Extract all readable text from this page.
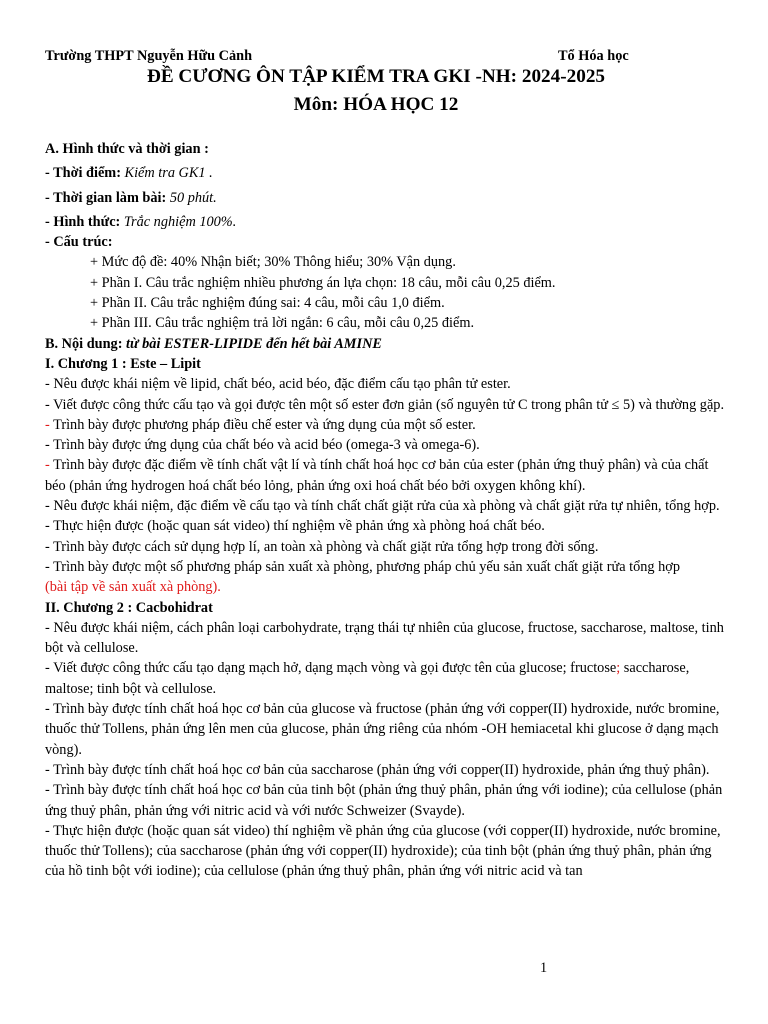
Trường THPT Nguyễn Hữu Cảnh	Tổ Hóa học
ĐỀ CƯƠNG ÔN TẬP KIỂM TRA GKI -NH: 2024-2025
Môn: HÓA HỌC 12

A. Hình thức và thời gian :

- Thời điểm: Kiểm tra GK1 .

- Thời gian làm bài: 50 phút.

- Hình thức: Trắc nghiệm 100%.

- Cấu trúc:

+ Mức độ đề: 40% Nhận biết; 30% Thông hiểu; 30% Vận dụng.

+ Phần I. Câu trắc nghiệm nhiều phương án lựa chọn: 18 câu, mỗi câu 0,25 điểm.

+ Phần II. Câu trắc nghiệm đúng sai: 4 câu, mỗi câu 1,0 điểm.

+ Phần III. Câu trắc nghiệm trả lời ngắn: 6 câu, mỗi câu 0,25 điểm.

B. Nội dung: từ bài ESTER-LIPIDE đến hết bài AMINE

I. Chương 1 : Este – Lipit

- Nêu được khái niệm về lipid, chất béo, acid béo, đặc điểm cấu tạo phân tử ester.

- Viết được công thức cấu tạo và gọi được tên một số ester đơn giản (số nguyên tử C trong phân tử ≤ 5) và thường gặp.

- Trình bày được phương pháp điều chế ester và ứng dụng của một số ester.

- Trình bày được ứng dụng của chất béo và acid béo (omega-3 và omega-6).

- Trình bày được đặc điểm về tính chất vật lí và tính chất hoá học cơ bản của ester (phản ứng thuỷ phân) và của chất béo (phản ứng hydrogen hoá chất béo lỏng, phản ứng oxi hoá chất béo bởi oxygen không khí).

- Nêu được khái niệm, đặc điểm về cấu tạo và tính chất chất giặt rửa của xà phòng và chất giặt rửa tự nhiên, tổng hợp.

- Thực hiện được (hoặc quan sát video) thí nghiệm về phản ứng xà phòng hoá chất béo.

- Trình bày được cách sử dụng hợp lí, an toàn xà phòng và chất giặt rửa tổng hợp trong đời sống.

- Trình bày được một số phương pháp sản xuất xà phòng, phương pháp chủ yếu sản xuất chất giặt rửa tổng hợp

(bài tập về sản xuất xà phòng).

II. Chương 2 : Cacbohidrat

- Nêu được khái niệm, cách phân loại carbohydrate, trạng thái tự nhiên của glucose, fructose, saccharose, maltose, tinh bột và cellulose.

- Viết được công thức cấu tạo dạng mạch hở, dạng mạch vòng và gọi được tên của glucose; fructose; saccharose, maltose; tinh bột và cellulose.

- Trình bày được tính chất hoá học cơ bản của glucose và fructose (phản ứng với copper(II) hydroxide, nước bromine, thuốc thử Tollens, phản ứng lên men của glucose, phản ứng riêng của nhóm -OH hemiacetal khi glucose ở dạng mạch vòng).

- Trình bày được tính chất hoá học cơ bản của saccharose (phản ứng với copper(II) hydroxide, phản ứng thuỷ phân).

- Trình bày được tính chất hoá học cơ bản của tinh bột (phản ứng thuỷ phân, phản ứng với iodine); của cellulose (phản ứng thuỷ phân, phản ứng với nitric acid và với nước Schweizer (Svayde).

- Thực hiện được (hoặc quan sát video) thí nghiệm về phản ứng của glucose (với copper(II) hydroxide, nước bromine, thuốc thử Tollens); của saccharose (phản ứng với copper(II) hydroxide); của tinh bột (phản ứng thuỷ phân, phản ứng của hồ tinh bột với iodine); của cellulose (phản ứng thuỷ phân, phản ứng với nitric acid và tan

1
